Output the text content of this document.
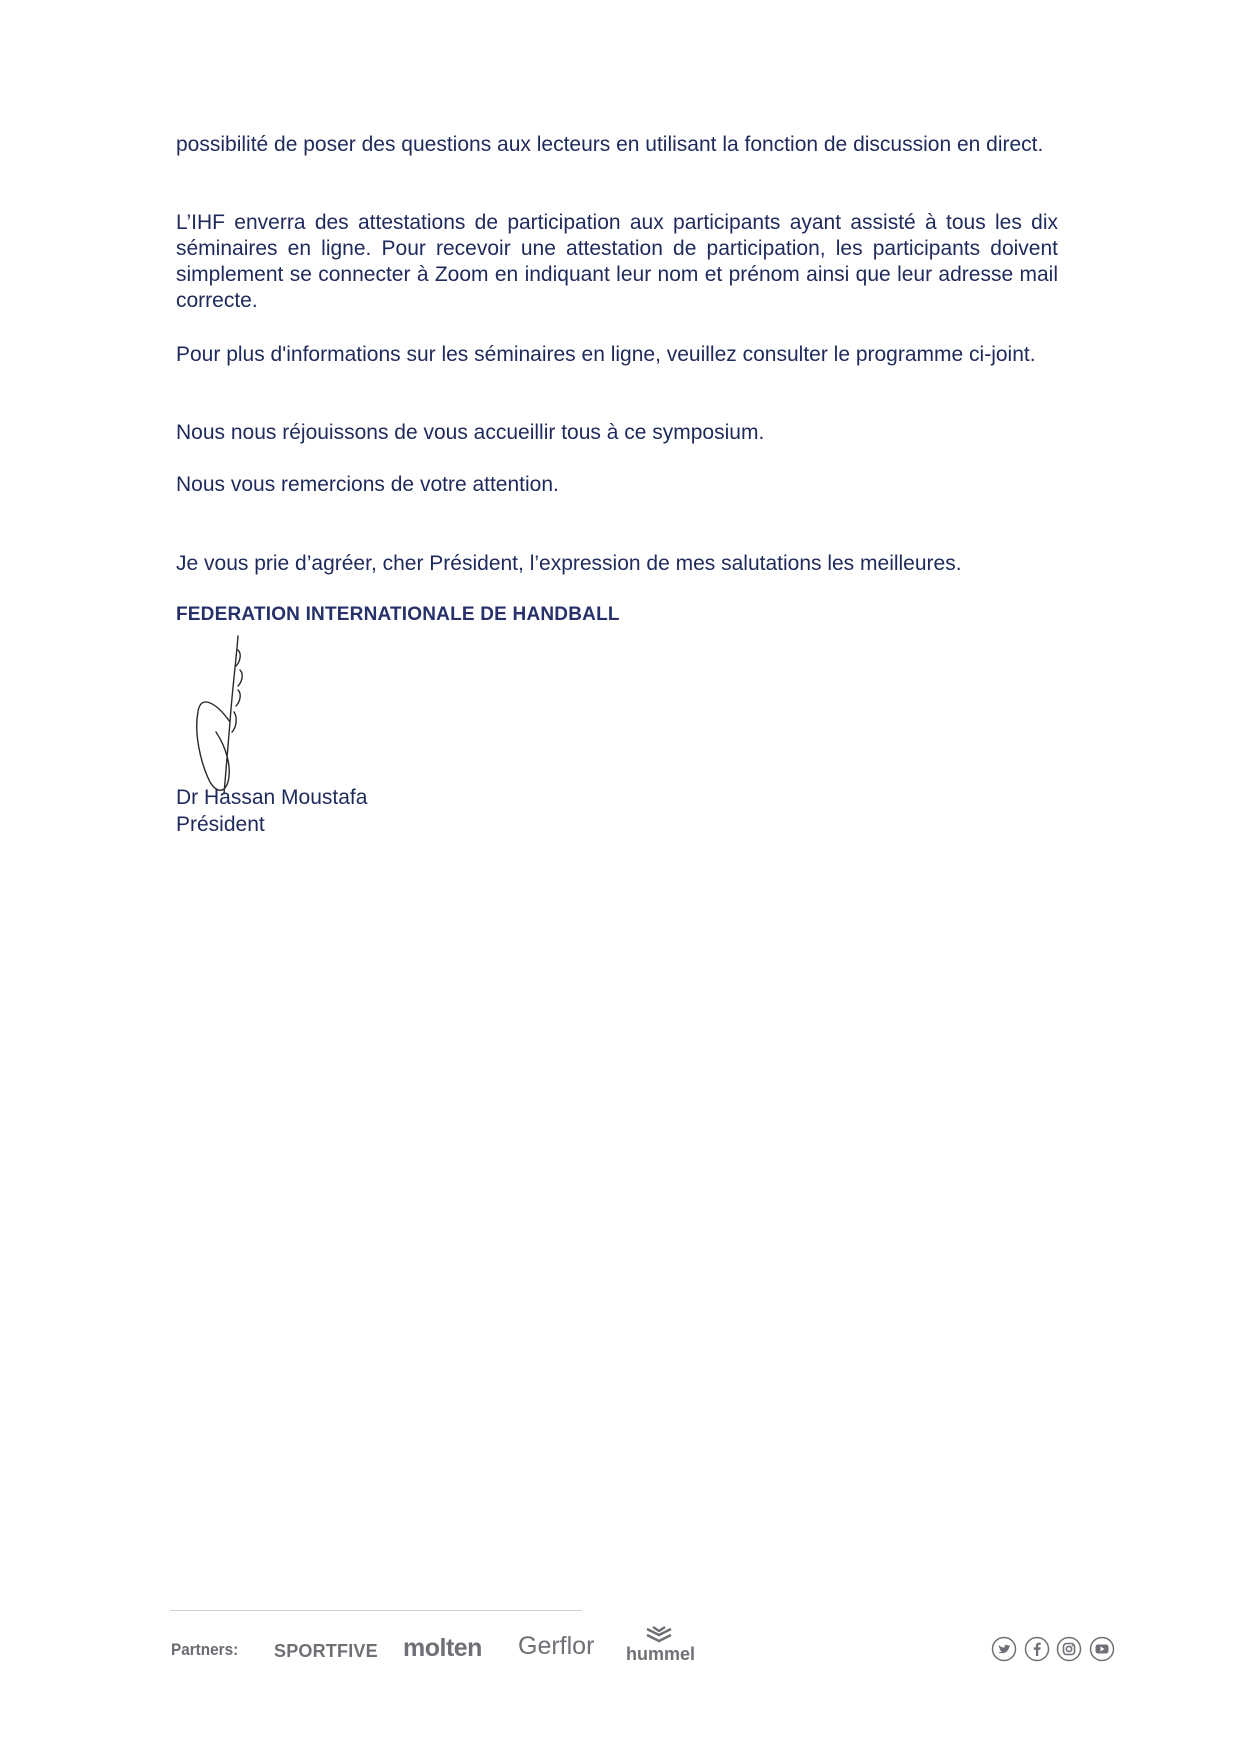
possibilité de poser des questions aux lecteurs en utilisant la fonction de discussion en direct.

L’IHF enverra des attestations de participation aux participants ayant assisté à tous les dix séminaires en ligne. Pour recevoir une attestation de participation, les participants doivent simplement se connecter à Zoom en indiquant leur nom et prénom ainsi que leur adresse mail correcte.

Pour plus d'informations sur les séminaires en ligne, veuillez consulter le programme ci-joint.

Nous nous réjouissons de vous accueillir tous à ce symposium.

Nous vous remercions de votre attention.

Je vous prie d’agréer, cher Président, l’expression de mes salutations les meilleures.

FEDERATION INTERNATIONALE DE HANDBALL
Dr Hassan Moustafa
Président
Partners: SPORTFIVE molten Gerflor hummel
